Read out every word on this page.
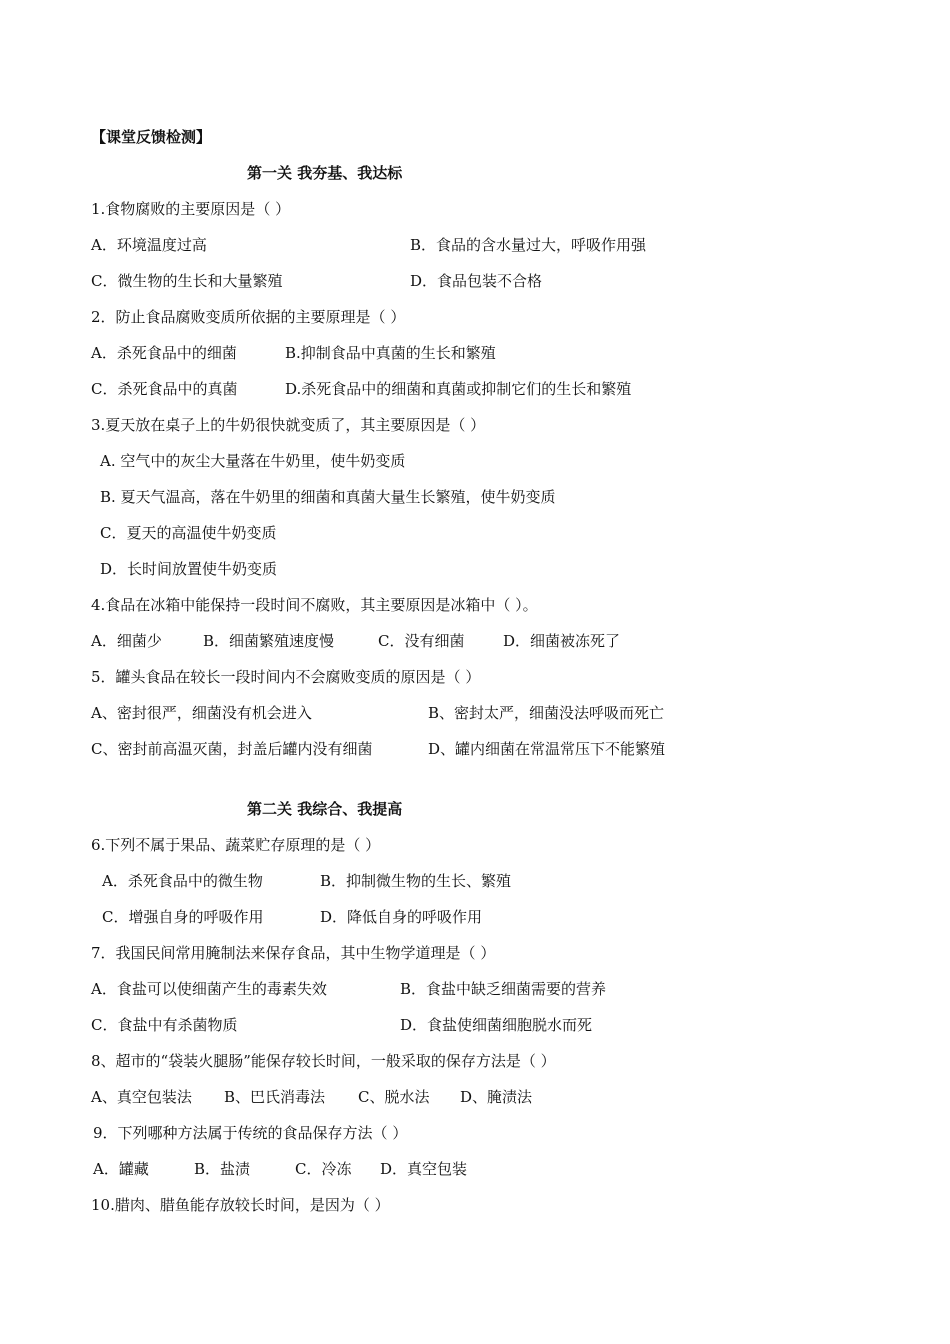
【课堂反馈检测】
第一关 我夯基、我达标
1.食物腐败的主要原因是（ ）
A．环境温度过高	B．食品的含水量过大，呼吸作用强
C．微生物的生长和大量繁殖	D．食品包装不合格
2．防止食品腐败变质所依据的主要原理是（ ）
A．杀死食品中的细菌	B.抑制食品中真菌的生长和繁殖
C．杀死食品中的真菌	D.杀死食品中的细菌和真菌或抑制它们的生长和繁殖
3.夏天放在桌子上的牛奶很快就变质了，其主要原因是（ ）
A. 空气中的灰尘大量落在牛奶里，使牛奶变质
B. 夏天气温高，落在牛奶里的细菌和真菌大量生长繁殖，使牛奶变质
C．夏天的高温使牛奶变质
D．长时间放置使牛奶变质
4.食品在冰箱中能保持一段时间不腐败，其主要原因是冰箱中（ ）。
A．细菌少	B．细菌繁殖速度慢	C．没有细菌	D．细菌被冻死了
5．罐头食品在较长一段时间内不会腐败变质的原因是（ ）
A、密封很严，细菌没有机会进入	B、密封太严，细菌没法呼吸而死亡
C、密封前高温灭菌，封盖后罐内没有细菌	D、罐内细菌在常温常压下不能繁殖
第二关 我综合、我提高
6.下列不属于果品、蔬菜贮存原理的是（ ）
A．杀死食品中的微生物	B．抑制微生物的生长、繁殖
C．增强自身的呼吸作用	D．降低自身的呼吸作用
7．我国民间常用腌制法来保存食品，其中生物学道理是（ ）
A．食盐可以使细菌产生的毒素失效	B．食盐中缺乏细菌需要的营养
C．食盐中有杀菌物质	D．食盐使细菌细胞脱水而死
8、超市的“袋装火腿肠”能保存较长时间，一般采取的保存方法是（ ）
A、真空包装法 B、巴氏消毒法 C、脱水法 D、腌渍法
9．下列哪种方法属于传统的食品保存方法（ ）
A．罐藏	B．盐渍	C．冷冻 D．真空包装
10.腊肉、腊鱼能存放较长时间，是因为（ ）
